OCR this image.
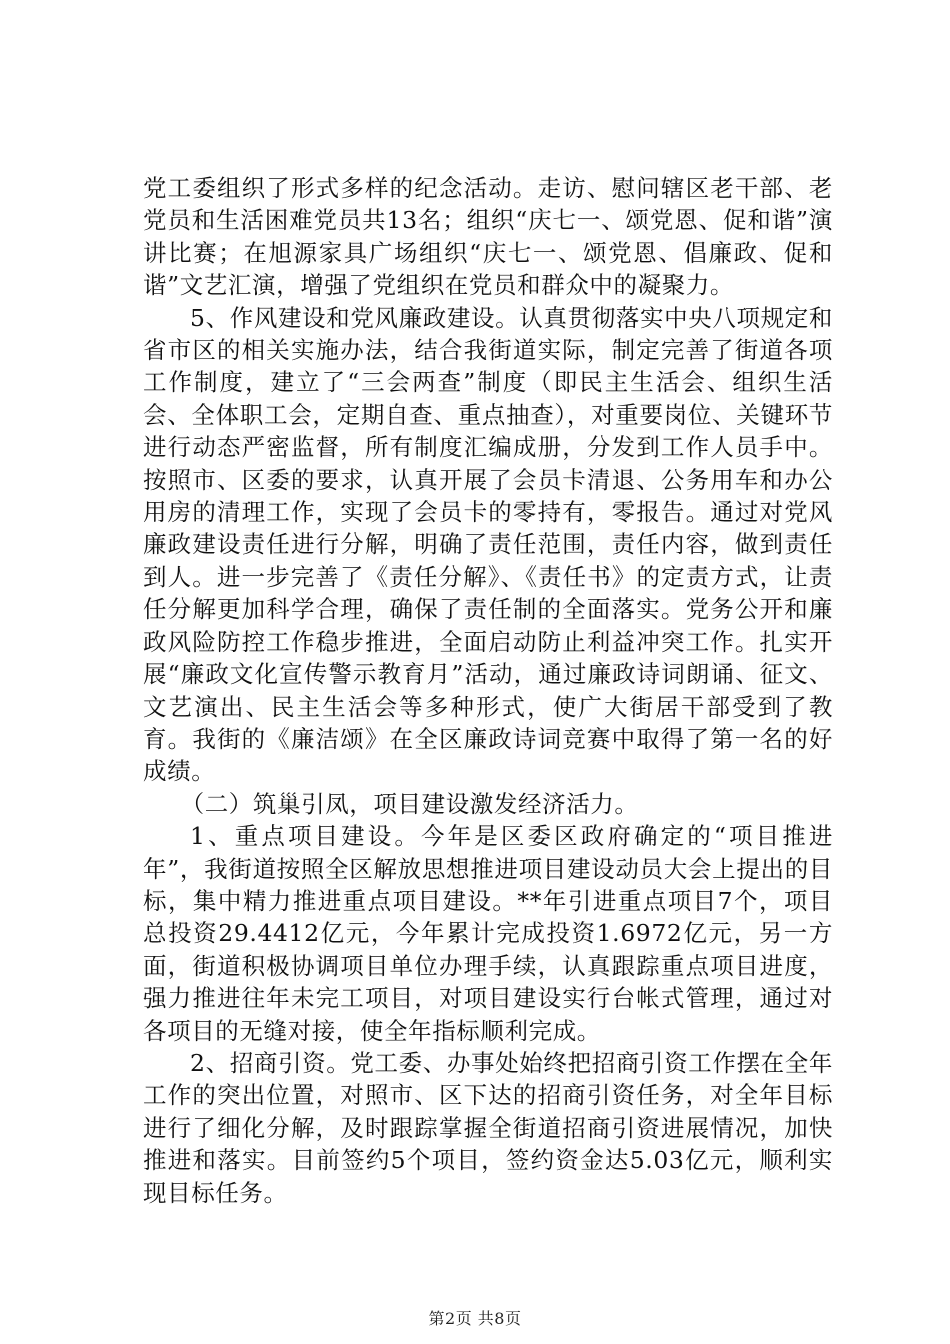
党工委组织了形式多样的纪念活动。走访、慰问辖区老干部、老党员和生活困难党员共13名；组织“庆七一、颂党恩、促和谐”演讲比赛；在旭源家具广场组织“庆七一、颂党恩、倡廉政、促和谐”文艺汇演，增强了党组织在党员和群众中的凝聚力。

5、作风建设和党风廉政建设。认真贯彻落实中央八项规定和省市区的相关实施办法，结合我街道实际，制定完善了街道各项工作制度，建立了“三会两查”制度（即民主生活会、组织生活会、全体职工会，定期自查、重点抽查），对重要岗位、关键环节进行动态严密监督，所有制度汇编成册，分发到工作人员手中。按照市、区委的要求，认真开展了会员卡清退、公务用车和办公用房的清理工作，实现了会员卡的零持有，零报告。通过对党风廉政建设责任进行分解，明确了责任范围，责任内容，做到责任到人。进一步完善了《责任分解》、《责任书》的定责方式，让责任分解更加科学合理，确保了责任制的全面落实。党务公开和廉政风险防控工作稳步推进，全面启动防止利益冲突工作。扎实开展“廉政文化宣传警示教育月”活动，通过廉政诗词朗诵、征文、文艺演出、民主生活会等多种形式，使广大街居干部受到了教育。我街的《廉洁颂》在全区廉政诗词竞赛中取得了第一名的好成绩。

（二）筑巢引凤，项目建设激发经济活力。

1、重点项目建设。今年是区委区政府确定的“项目推进年”，我街道按照全区解放思想推进项目建设动员大会上提出的目标，集中精力推进重点项目建设。**年引进重点项目7个，项目总投资29.4412亿元，今年累计完成投资1.6972亿元，另一方面，街道积极协调项目单位办理手续，认真跟踪重点项目进度，强力推进往年未完工项目，对项目建设实行台帐式管理，通过对各项目的无缝对接，使全年指标顺利完成。

2、招商引资。党工委、办事处始终把招商引资工作摆在全年工作的突出位置，对照市、区下达的招商引资任务，对全年目标进行了细化分解，及时跟踪掌握全街道招商引资进展情况，加快推进和落实。目前签约5个项目，签约资金达5.03亿元，顺利实现目标任务。

第2页 共8页
